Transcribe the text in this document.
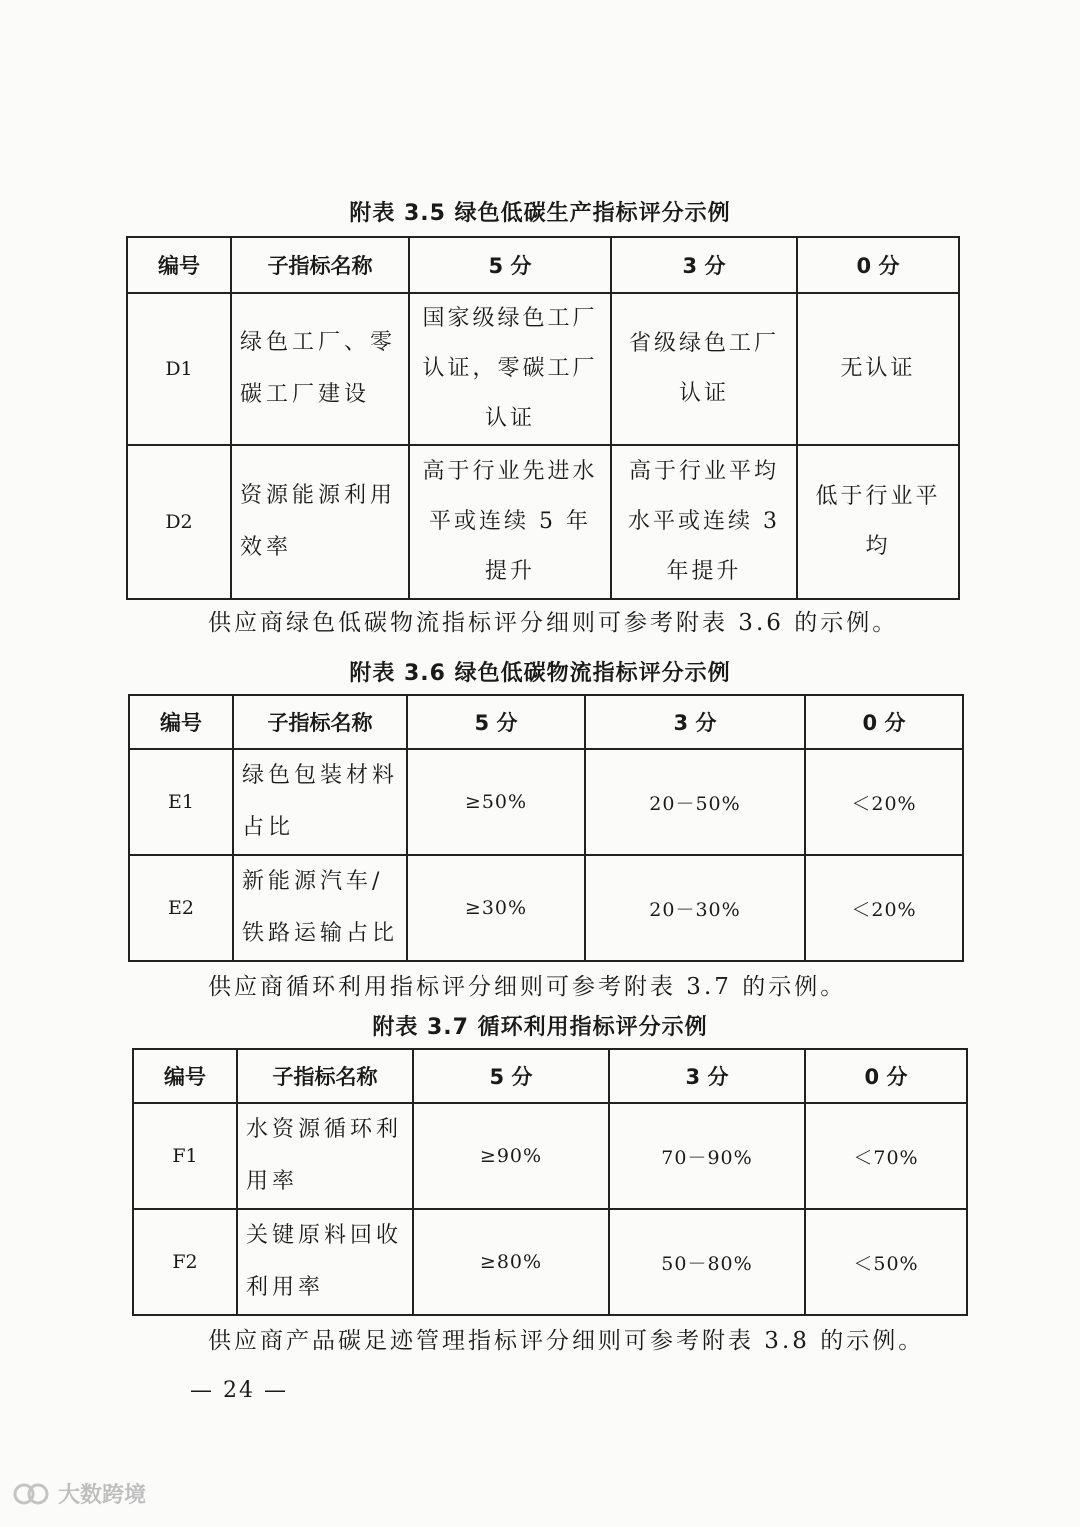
附表 3.5 绿色低碳生产指标评分示例
编号	子指标名称	5 分	3 分	0 分
D1	绿色工厂、零碳工厂建设	国家级绿色工厂认证，零碳工厂认证	省级绿色工厂认证	无认证
D2	资源能源利用效率	高于行业先进水平或连续 5 年提升	高于行业平均水平或连续 3 年提升	低于行业平均
供应商绿色低碳物流指标评分细则可参考附表 3.6 的示例。
附表 3.6 绿色低碳物流指标评分示例
编号	子指标名称	5 分	3 分	0 分
E1	绿色包装材料占比	≥50%	20－50%	＜20%
E2	新能源汽车/铁路运输占比	≥30%	20－30%	＜20%
供应商循环利用指标评分细则可参考附表 3.7 的示例。
附表 3.7 循环利用指标评分示例
编号	子指标名称	5 分	3 分	0 分
F1	水资源循环利用率	≥90%	70－90%	＜70%
F2	关键原料回收利用率	≥80%	50－80%	＜50%
供应商产品碳足迹管理指标评分细则可参考附表 3.8 的示例。
— 24 —
大数跨境
